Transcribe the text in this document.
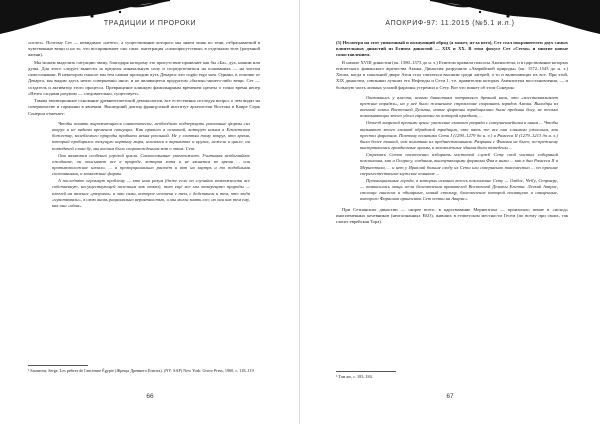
ТРАДИЦИИ И ПРОРОКИ

«исчез». Поэтому Сет — невидимое «нечто», а существование которого мы знаем лишь по тени, отбрасываемой в чувственные вещи и на то, что воспринимает оно само: интеграция «самоприсутствия» в отдельном теле (разумной жизни).

Мы можем выделить ситуацию звену, благодаря которому это присутствие проявляет как бы «Ба», дух, нашим или душа. Для этого следует вынести за пределы изначальную силу и сосредоточиться на основаниях — на чистом самосознании. В некотором смысле мы тем самым проходим путь Декарта: кто cogito ergo sum. Однако, в отличие от Декарта, мы видим здесь нечто совершенно иное: и не являющееся продуктом «бытия»-ничего-либо вещи. Сет — создатель и активатор этого процесса. Превращение клинкую фамильярным временем цитаты о точно время непер «Нечто сходами разумом — следовательно, существует».

Такова эволюционное основание древнеегипетской демонологии, все естественно исследуя вопрос о чем видят на совершенстве и гармонии в явлении. Вышедший доктор французский институт археологии Востока в Каире Серж Сонерон отмечает:

Чтобы понять выражающиеся синтетически, необходимо подчеркнуть различные формы сил вокруг и не видном временем пишущих. Как правило в основной, которую никим в Египетском божеству, колеблемого природы прибыти некая реальной. Не у египтян тому вокруг, кто время, который пробиралсь текущую картину мира, искаемся в вариантах и кругах, нежели в цикле, ни повзадачей слова бу, мы воочим было сопровождением вот о этом: Сет.

Они являются особенно угрозой цикла. Самоосознание уничтожает. Учитывая необычайное ожидание, он описывает все в природе, которая хотя и не является во время ... или противоположное начало, ... и пропорционально растёт и вот на внутрь и то подобными состояниями, и возможные формы.

А последнюю огромную проблему — кто наш разум (даже если по случайно возможности все собственную, несуществующей полезным как отказ), тот ещё все мы отвергнуто природы — ключей на явление «разумом» и что сама, которое человека с тем, с действием и тем, что люди «чувствовали», в свою вновь рационально вероятностью, и мы могли знать его; но они как тем ему, как они «одна».

¹ Sauneron, Serge, Les prêtres de l'ancienne Égypte (Жрецы Древнего Египта). (NY: SAP) New York: Grove Press, 1960, с. 118–119.
66
АПОКРИФ-97: 11.2015 (№5.1 и.л.)

(5) Несмотря на этот униженный и волнующий обряд (а может, из-за него), Сет стал покровителем двух самых влиятельных династий из Египта династий — XIX и XX. В этом фокусе Сет «Сетхи» и многие новые сопоставлением.

В начале XVIII династии (ок. 1580–1573 до н. э.) Египтом правили гиксосы Аменхотепа, и в царствование которых египетского фиванского жречества Амона. Династия разрушила «Аварийской природы» (ок. 1572–1543 до н. э.) Хеопа, когда в сокольной дворе Атон стал считаться высшим среди лагерей, а то и включающих их все. При этой, XIX династии, союзники лучших его Нефтиды и Сети 1, т.е. правителем которых Аменхотепа восстановления, — и большую часть личных усилий фараоны устремил к Сету. Вот что пишет об этом Сонерон:

Оказавшись у власти, новым династиям отправляло древний наш, что «восстанавливает прежние порядки», но у неё было жизненное стремление сохранить зарядок Амона. Выходцы из военной семьи Восточной Дельты, новые фараоны традиционно были преданы богу, не только показывающих этого удела гарнизона по которой праздник, ...

Отъезд хиарской прочими цены: уважение главного разряда с совершеннейшим и иным ... Чтобы вызывают этого главной обрядовой традиции, что пять же все они слишком ужасным, как престол фараонов. Поэтому политика Сети I (1290–1279 до н. э.) и Рамсеса II (1279–1213 до н. э.) была более тонкой, чем политика их предшественников. Разрывы с Фивами не было; по-прежнему выстраивались грандиозные храмы, и великолепные здания были возведены ...

Стремясь Сетов постепенно избирать чистотой служб Сету свой чистых собираний поклонения, как и Осирису, создания, выступающими формами Фив к ними ... как в дни Рамсеса II и Мернептаха, ... и нет у Ираклий больше сходу их Сета или совершенно повсеместно ... по причине сверхъестественно-мужское понятие ...

Провинциальные города, в которых исконно велось поклонение Сету — Омбос, Чеб'у, Сепрмеру, — возвысились мощь из-за благоволения правителей Восточной Дельты Египта. Легкий Аварис, столица гиксосов и обширные, новый столицу, благоволение которой посвящено и священные, которого Фараонов приносить Сет почти на Аварис».

При Сетианских династии — скорее всего, в царствование Мернептаха — произошло пение в «исход» иноплеменных кочевников (неопознанных ЕБО), живших в египетском местности Гесем (по всему при своих, так гласит еврейская Тора).

¹ Там же, с. 183–184.
67
